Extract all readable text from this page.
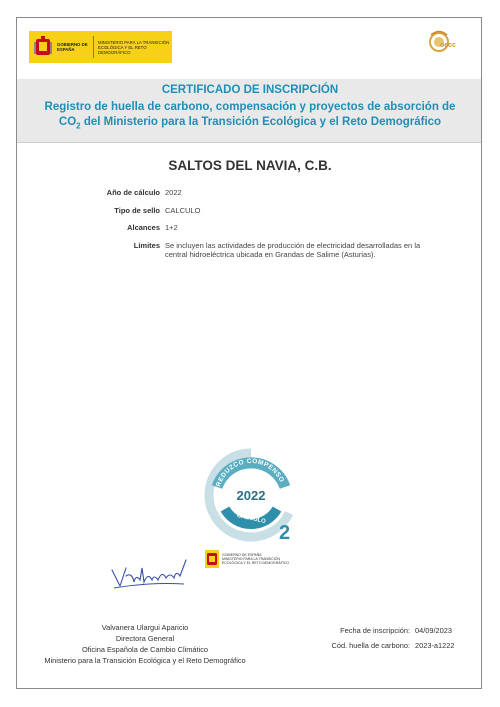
GOBIERNO DE ESPAÑA
MINISTERIO PARA LA TRANSICIÓN ECOLÓGICA Y EL RETO DEMOGRÁFICO
oecc
CERTIFICADO DE INSCRIPCIÓN
Registro de huella de carbono, compensación y proyectos de absorción de
$CO_2$ del Ministerio para la Transición Ecológica y el Reto Demográfico
SALTOS DEL NAVIA, C.B.
Año de cálculo 2022
Tipo de sello CALCULO
Alcances 1+2
Límites Se incluyen las actividades de producción de electricidad desarrolladas en la central hidroeléctrica ubicada en Grandas de Salime (Asturias).
REDUZCO COMPENSO
2022
CALCULO
2
GOBIERNO DE ESPAÑA
MINISTERIO PARA LA TRANSICIÓN ECOLÓGICA Y EL RETO DEMOGRÁFICO
Valvanera Ulargui Aparicio
Directora General
Oficina Española de Cambio Climático
Ministerio para la Transición Ecológica y el Reto Demográfico
Fecha de inscripción: 04/09/2023
Cód. huella de carbono: 2023-a1222
